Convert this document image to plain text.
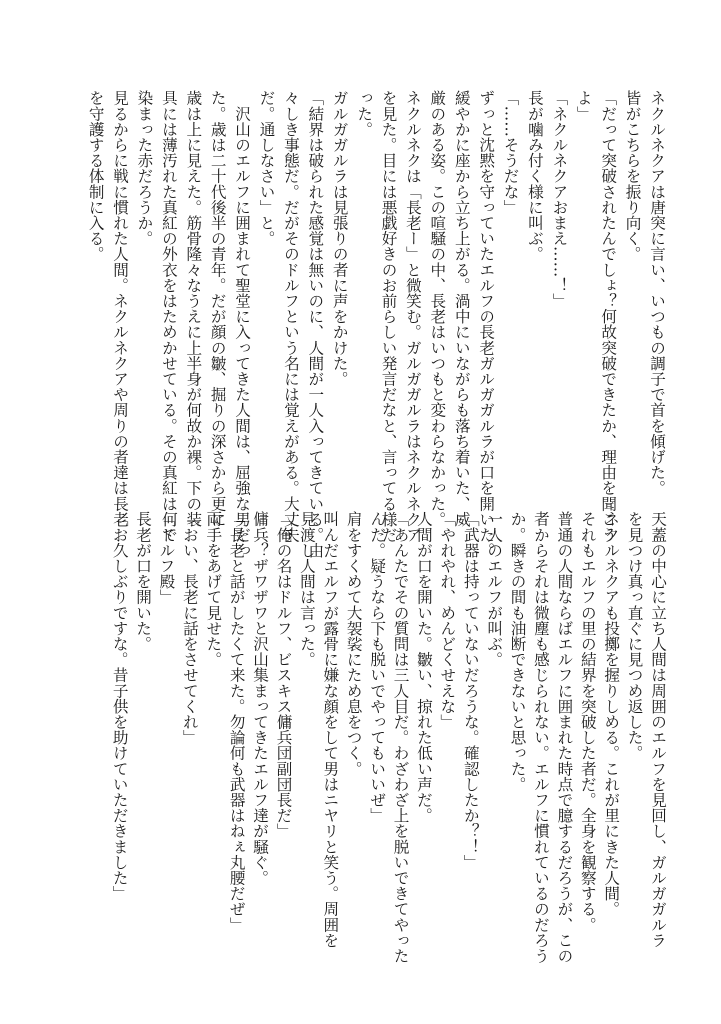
ネクルネクアは唐突に言い、いつもの調子で首を傾げた。
皆がこちらを振り向く。
「だって突破されたんでしょ？何故突破できたか、理由を聞こう
よ」
「ネクルネクアおまえ……！」
長が噛み付く様に叫ぶ。
「……そうだな」
ずっと沈黙を守っていたエルフの長老ガルガガルラが口を開いた。
緩やかに座から立ち上がる。渦中にいながらも落ち着いた、威
厳のある姿。この喧騒の中、長老はいつもと変わらなかった。
ネクルネクは「長老ー」と微笑む。ガルガガルラはネクルネクア
を見た。目には悪戯好きのお前らしい発言だなと、言ってる様だ
った。
ガルガガルラは見張りの者に声をかけた。
「結界は破られた感覚は無いのに、人間が一人入ってきている。由
々しき事態だ。だがそのドルフという名には覚えがある。大丈夫
だ。通しなさい」と。
　沢山のエルフに囲まれて聖堂に入ってきた人間は、屈強な男だっ
た。歳は二十代後半の青年。だが顔の皺、掘りの深さから更に
歳は上に見えた。筋骨隆々なうえに上半身が何故か裸。下の装
具には薄汚れた真紅の外衣をはためかせている。その真紅は何で
染まった赤だろうか。
見るからに戦に慣れた人間。ネクルネクアや周りの者達は長老
を守護する体制に入る。
天蓋の中心に立ち人間は周囲のエルフを見回し、ガルガガルラ
を見つけ真っ直ぐに見つめ返した。
ネクルネクアも投擲を握りしめる。これが里にきた人間。
それもエルフの里の結界を突破した者だ。全身を観察する。
普通の人間ならばエルフに囲まれた時点で臆するだろうが、この
者からそれは微塵も感じられない。エルフに慣れているのだろう
か。瞬きの間も油断できないと思った。
一人のエルフが叫ぶ。
「武器は持っていないだろうな。確認したか？！」
「やれやれ、めんどくせえな」
人間が口を開いた。皺い、掠れた低い声だ。
「あんたでその質問は三人目だ。わざわざ上を脱いできてやった
んだ。疑うなら下も脱いでやってもいいぜ」
肩をすくめて大袈裟にため息をつく。
叫んだエルフが露骨に嫌な顔をして男はニヤリと笑う。周囲を
見渡し人間は言った。
「俺の名はドルフ、ビスキス傭兵団副団長だ」
傭兵？ザワザワと沢山集まってきたエルフ達が騒ぐ。
「長老と話がしたくて来た。勿論何も武器はねぇ丸腰だぜ」
両手をあげて見せた。
「おい、長老に話をさせてくれ」
「ドルフ殿」
長老が口を開いた。
「お久しぶりですな。昔子供を助けていただきました」
